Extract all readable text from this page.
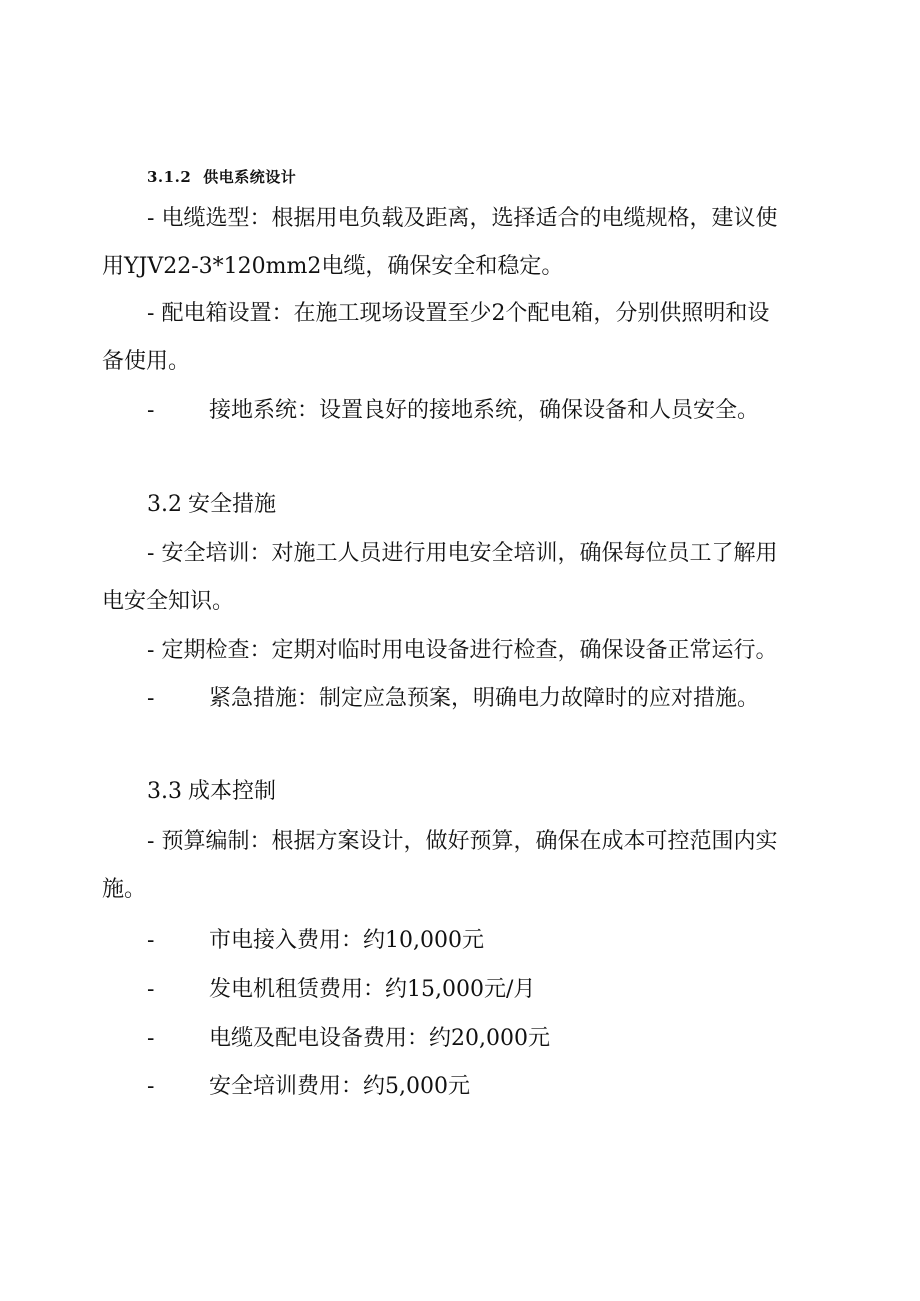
3.1.2 供电系统设计
- 电缆选型：根据用电负载及距离，选择适合的电缆规格，建议使
用YJV22-3*120mm2电缆，确保安全和稳定。
- 配电箱设置：在施工现场设置至少2个配电箱，分别供照明和设
备使用。
- 接地系统：设置良好的接地系统，确保设备和人员安全。
3.2 安全措施
- 安全培训：对施工人员进行用电安全培训，确保每位员工了解用
电安全知识。
- 定期检查：定期对临时用电设备进行检查，确保设备正常运行。
- 紧急措施：制定应急预案，明确电力故障时的应对措施。
3.3 成本控制
- 预算编制：根据方案设计，做好预算，确保在成本可控范围内实
施。
- 市电接入费用：约10,000元
- 发电机租赁费用：约15,000元/月
- 电缆及配电设备费用：约20,000元
- 安全培训费用：约5,000元
